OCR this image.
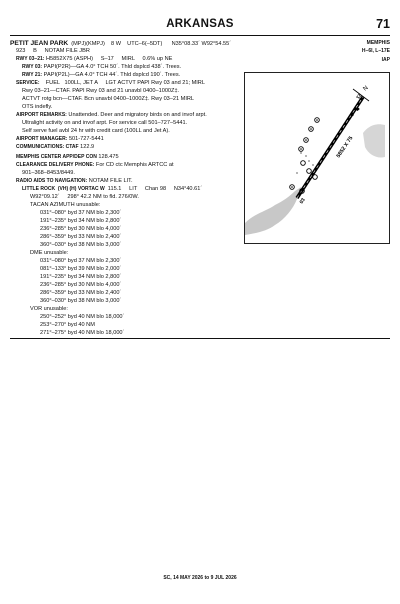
ARKANSAS	71
MEMPHIS
H–6I, L–17E
IAP
PETIT JEAN PARK  (MPJ)(KMPJ)    8 W    UTC–6(–5DT)      N35°08.33´ W92°54.55´
923     B     NOTAM FILE JBR
RWY 03–21: H5852X75 (ASPH)     S–17     MIRL     0.6% up NE
RWY 03: PAPI(P2R)—GA 4.0° TCH 50´. Thld dsplcd 438´. Trees.
RWY 21: PAPI(P2L)—GA 4.0° TCH 44´. Thld dsplcd 190´. Trees.
SERVICE:    FUEL   100LL, JET A     LGT ACTVT PAPI Rwy 03 and 21; MIRL
Rwy 03–21—CTAF. PAPI Rwy 03 and 21 unavbl 0400–1000Z‡.
ACTVT rotg bcn—CTAF. Bcn unavbl 0400–1000Z‡. Rwy 03–21 MIRL
OTS indefly.
AIRPORT REMARKS: Unattended. Deer and migratory birds on and invof arpt.
Ultralight activity on and invof arpt. For service call 501–727–5441.
Self serve fuel avbl 24 hr with credit card (100LL and Jet A).
AIRPORT MANAGER: 501-727-5441
COMMUNICATIONS: CTAF 122.9
MEMPHIS CENTER APP/DEP CON 128.475
CLEARANCE DELIVERY PHONE: For CD ctc Memphis ARTCC at
901–368–8453/8449.
RADIO AIDS TO NAVIGATION: NOTAM FILE LIT.
LITTLE ROCK  (VH) (H) VORTAC W  115.1     LIT     Chan 98     N34°40.61´
W92°09.12´     298° 42.2 NM to fld. 276/0W.
TACAN AZIMUTH unusable:
031°–080° byd 37 NM blo 2,300´
191°–235° byd 34 NM blo 2,800´
236°–285° byd 30 NM blo 4,000´
286°–359° byd 33 NM blo 2,400´
360°–030° byd 38 NM blo 3,000´
DME unusable:
031°–080° byd 37 NM blo 2,300´
081°–133° byd 39 NM blo 2,000´
191°–235° byd 34 NM blo 2,800´
236°–285° byd 30 NM blo 4,000´
286°–359° byd 33 NM blo 2,400´
360°–030° byd 38 NM blo 3,000´
VOR unusable:
250°–252° byd 40 NM blo 18,000´
253°–270° byd 40 NM
271°–275° byd 40 NM blo 18,000´
N
5852 X 75
03
21
SC, 14 MAY 2026 to 9 JUL 2026
